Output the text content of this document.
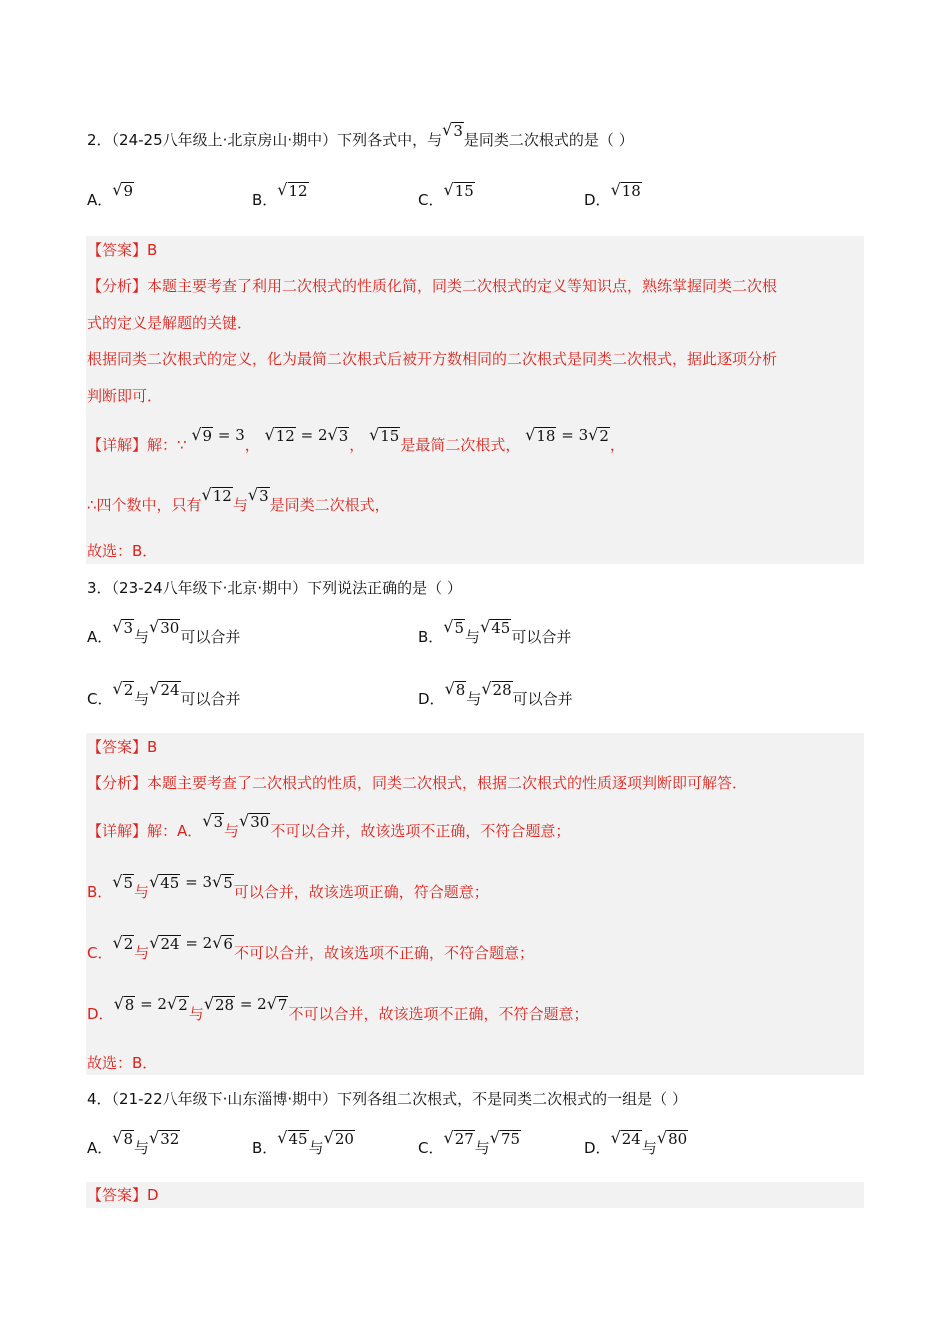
2．（24-25八年级上·北京房山·期中）下列各式中，与
√ 3 是同类二次根式的是（ ）
A．
√ 9	B．
√ 12	C．
√ 15	D．
√ 18
【答案】B
【分析】本题主要考查了利用二次根式的性质化简，同类二次根式的定义等知识点，熟练掌握同类二次根
式的定义是解题的关键．
根据同类二次根式的定义，化为最简二次根式后被开方数相同的二次根式是同类二次根式，据此逐项分析
判断即可．
【详解】解：∵
√ 9 = 3，
√ 12 = 2 √ 3 ，
√ 15 是最简二次根式，
√ 18 = 3 √ 2 ，
∴四个数中，只有
√ 12 与
√ 3 是同类二次根式，
故选：B．
3．（23-24八年级下·北京·期中）下列说法正确的是（ ）
A．
√ 3 与
√ 30 可以合并	B．
√ 5 与
√ 45 可以合并
C．
√ 2 与
√ 24 可以合并	D．
√ 8 与
√ 28 可以合并
【答案】B
【分析】本题主要考查了二次根式的性质，同类二次根式，根据二次根式的性质逐项判断即可解答．
【详解】解：A．
√ 3 与
√ 30 不可以合并，故该选项不正确，不符合题意；
B．
√ 5 与
√ 45 = 3 √ 5 可以合并，故该选项正确，符合题意；
C．
√ 2 与
√ 24 = 2 √ 6 不可以合并，故该选项不正确，不符合题意；
D．
√ 8 = 2 √ 2 与
√ 28 = 2 √ 7 不可以合并，故该选项不正确，不符合题意；
故选：B．
4．（21-22八年级下·山东淄博·期中）下列各组二次根式，不是同类二次根式的一组是（ ）
A．
√ 8 与
√ 32	B．
√ 45 与
√ 20	C．
√ 27 与
√ 75	D．
√ 24 与
√ 80
【答案】D
